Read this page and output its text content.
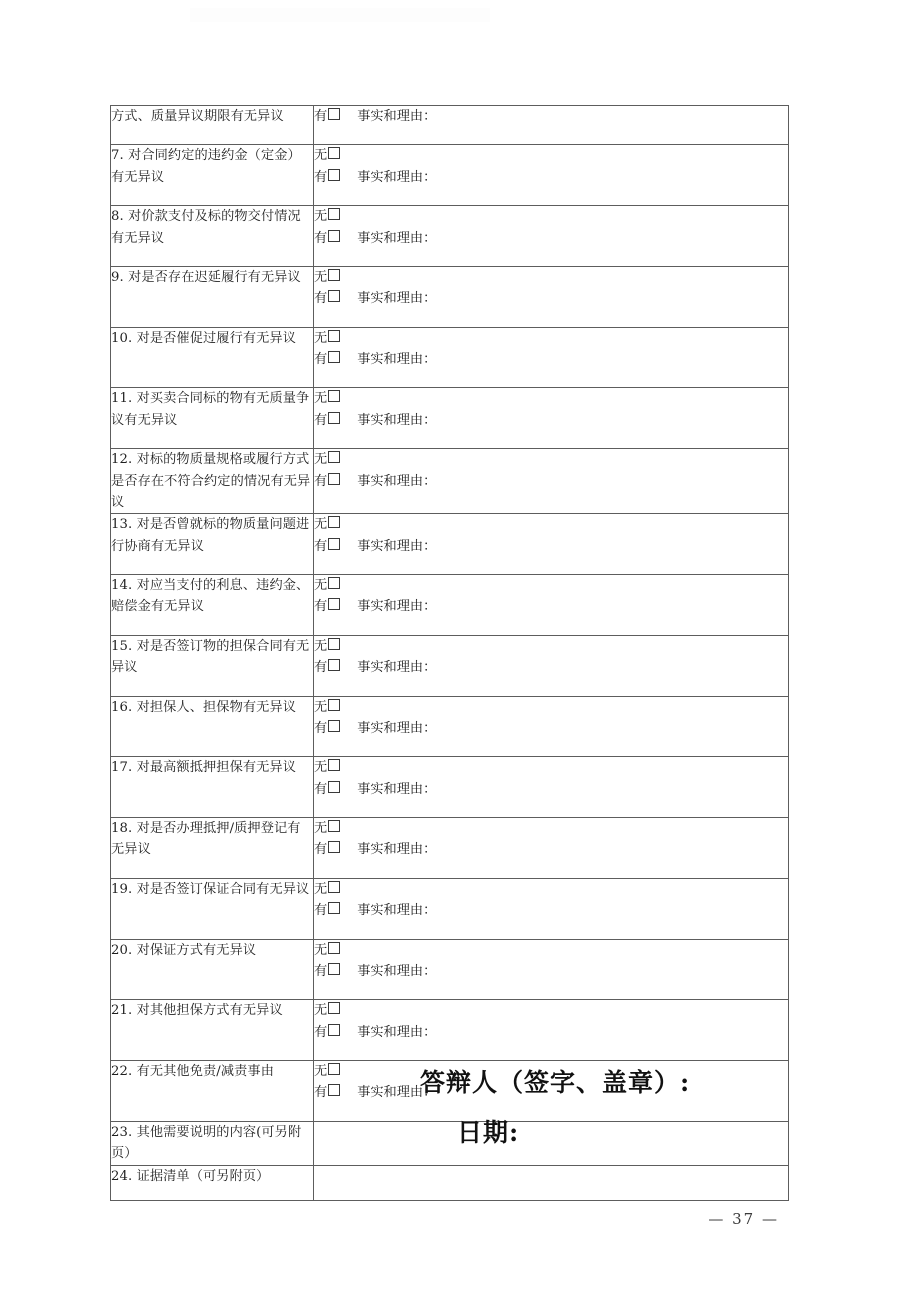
方式、质量异议期限有无异议	有 事实和理由：

7. 对合同约定的违约金（定金）有无异议	无
有 事实和理由：

8. 对价款支付及标的物交付情况有无异议	无
有 事实和理由：

9. 对是否存在迟延履行有无异议	无
有 事实和理由：

10. 对是否催促过履行有无异议	无
有 事实和理由：

11. 对买卖合同标的物有无质量争议有无异议	无
有 事实和理由：

12. 对标的物质量规格或履行方式是否存在不符合约定的情况有无异议	无
有 事实和理由：

13. 对是否曾就标的物质量问题进行协商有无异议	无
有 事实和理由：

14. 对应当支付的利息、违约金、赔偿金有无异议	无
有 事实和理由：

15. 对是否签订物的担保合同有无异议	无
有 事实和理由：

16. 对担保人、担保物有无异议	无
有 事实和理由：

17. 对最高额抵押担保有无异议	无
有 事实和理由：

18. 对是否办理抵押/质押登记有无异议	无
有 事实和理由：

19. 对是否签订保证合同有无异议	无
有 事实和理由：

20. 对保证方式有无异议	无
有 事实和理由：

21. 对其他担保方式有无异议	无
有 事实和理由：

22. 有无其他免责/减责事由	无
有 事实和理由：

23. 其他需要说明的内容(可另附页）	

24. 证据清单（可另附页）	
答辩人（签字、盖章）:
日期:
— 37 —
